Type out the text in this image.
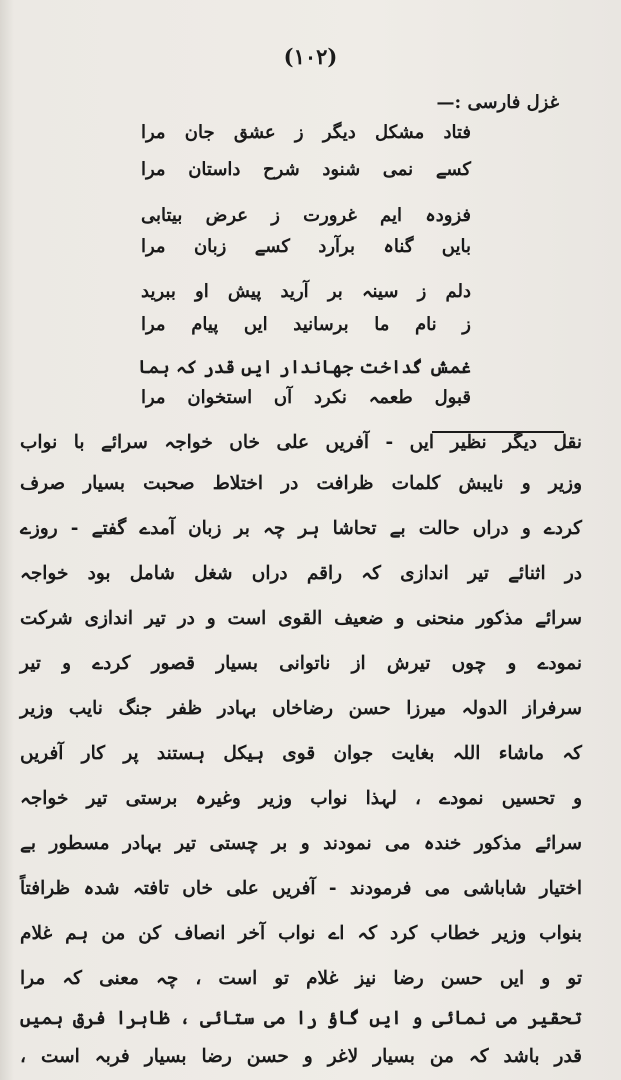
(۱۰۲)
غزل فارسی :—
فتاد مشکل دیگر ز عشق جان مرا
کسے نمی شنود شرح داستان مرا
فزودہ ایم غرورت ز عرض بیتابی
بایں گناہ برآرد کسے زبان مرا
دلم ز سینہ بر آرید پیش او ببرید
ز نام ما برسانید ایں پیام مرا
غمش گداخت جهاندار ایں قدر کہ ہما
قبول طعمہ نکرد آں استخوان مرا
نقل دیگر نظیر ایں - آفریں علی خاں خواجہ سرائے با نواب
وزیر و نایبش کلمات ظرافت در اختلاط صحبت بسیار صرف
کردے و دراں حالت بے تحاشا ہر چہ بر زبان آمدے گفتے - روزے
در اثنائے تیر اندازی کہ راقم دراں شغل شامل بود خواجہ
سرائے مذکور منحنی و ضعیف القوی است و در تیر اندازی شرکت
نمودے و چوں تیرش از ناتوانی بسیار قصور کردے و تیر
سرفراز الدولہ میرزا حسن رضاخاں بہادر ظفر جنگ نایب وزیر
کہ ماشاء اللہ بغایت جوان قوی ہیکل ہستند پر کار آفریں
و تحسیں نمودے ، لہذا نواب وزیر وغیرہ برستی تیر خواجہ
سرائے مذکور خندہ می نمودند و بر چستی تیر بہادر مسطور بے
اختیار شاباشی می فرمودند - آفریں علی خاں تافتہ شدہ ظرافتاً
بنواب وزیر خطاب کرد کہ اے نواب آخر انصاف کن من ہم غلام
تو و ایں حسن رضا نیز غلام تو است ، چہ معنی کہ مرا
تحقیر می نمائی و ایں گاؤ را می ستائی ، ظاہرا فرق ہمیں
قدر باشد کہ من بسیار لاغر و حسن رضا بسیار فربہ است ،
